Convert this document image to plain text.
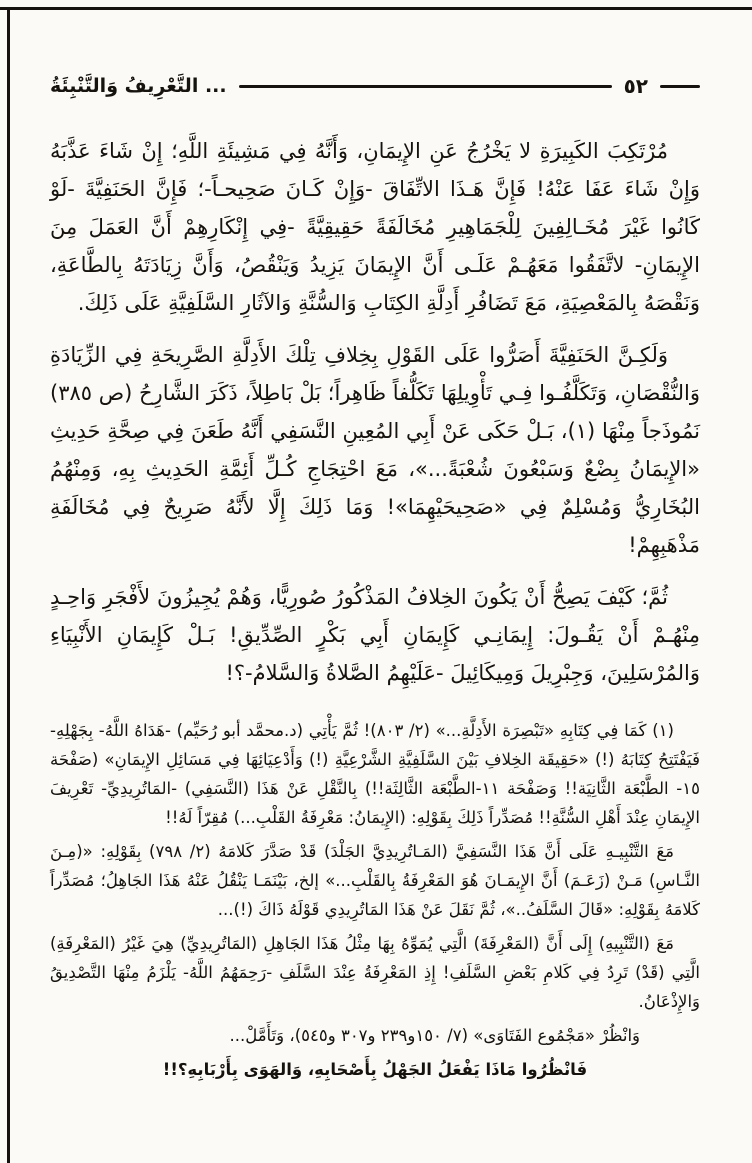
التَّعْرِيفُ وَالتَّنْبِئَةُ ...	٥٢

مُرْتَكِبَ الكَبِيرَةِ لا يَخْرُجُ عَنِ الإِيمَانِ، وَأَنَّهُ فِي مَشِيئَةِ اللَّهِ؛ إِنْ شَاءَ عَذَّبَهُ وَإِنْ شَاءَ عَفَا عَنْهُ! فَإِنَّ هَـذَا الاتِّفَاقَ -وَإِنْ كَـانَ صَحِيحـاً-؛ فَإِنَّ الحَنَفِيَّةَ -لَوْ كَانُوا غَيْرَ مُخَـالِفِينَ لِلْجَمَاهِيرِ مُخَالَفَةً حَقِيقِيَّةً -فِي إِنْكَارِهِمْ أَنَّ العَمَلَ مِنَ الإِيمَانِ- لاتَّفَقُوا مَعَهُـمْ عَلَـى أَنَّ الإِيمَانَ يَزِيدُ وَيَنْقُصُ، وَأَنَّ زِيَادَتَهُ بِالطَّاعَةِ، وَنَقْصَهُ بِالمَعْصِيَةِ، مَعَ تَضَافُرِ أَدِلَّةِ الكِتَابِ وَالسُّنَّةِ وَالآثَارِ السَّلَفِيَّةِ عَلَى ذَلِكَ.

وَلَكِـنَّ الحَنَفِيَّةَ أَصَرُّوا عَلَى القَوْلِ بِخِلافِ تِلْكَ الأَدِلَّةِ الصَّرِيحَةِ فِي الزِّيَادَةِ وَالنُّقْصَانِ، وَتَكَلَّفُـوا فِـي تَأْوِيلِهَا تَكَلُّفاً ظَاهِراً؛ بَلْ بَاطِلاً، ذَكَرَ الشَّارِحُ (ص ٣٨٥) نَمُوذَجاً مِنْهَا (١)، بَـلْ حَكَى عَنْ أَبِي المُعِينِ النَّسَفِي أَنَّهُ طَعَنَ فِي صِحَّةِ حَدِيثِ «الإِيمَانُ بِضْعٌ وَسَبْعُونَ شُعْبَةً...»، مَعَ احْتِجَاجِ كُـلِّ أَئِمَّةِ الحَدِيثِ بِهِ، وَمِنْهُمُ البُخَارِيُّ وَمُسْلِمٌ فِي «صَحِيحَيْهِمَا»! وَمَا ذَلِكَ إِلَّا لأَنَّهُ صَرِيحٌ فِي مُخَالَفَةِ مَذْهَبِهِمْ!

ثُمَّ؛ كَيْفَ يَصِحُّ أَنْ يَكُونَ الخِلافُ المَذْكُورُ صُورِيًّا، وَهُمْ يُجِيزُونَ لأَفْجَرِ وَاحِـدٍ مِنْهُـمْ أَنْ يَقُـولَ: إِيمَانِـي كَإِيمَانِ أَبِي بَكْرٍ الصِّدِّيقِ! بَـلْ كَإِيمَانِ الأَنْبِيَاءِ وَالمُرْسَلِينَ، وَجِبْرِيلَ وَمِيكَائِيلَ -عَلَيْهِمُ الصَّلاةُ وَالسَّلامُ-؟!

(١) كَمَا فِي كِتَابِهِ «تَبْصِرَة الأَدِلَّةِ...» (٢/ ٨٠٣)! ثُمَّ يَأْتِي (د.محمَّد أبو رُحَيِّم) -هَدَاهُ اللَّهُ- بِجَهْلِهِ- فَيَفْتَتِحُ كِتَابَهُ (!) «حَقِيقَة الخِلافِ بَيْنَ السَّلَفِيَّةِ الشَّرْعِيَّةِ (!) وَأَدْعِيَائِهَا فِي مَسَائِلِ الإِيمَانِ» (صَفْحَة ١٥- الطَّبْعَة الثَّانِيَة!! وَصَفْحَة ١١-الطَّبْعَة الثَّالِثَة!!) بِالنَّقْلِ عَنْ هَذَا (النَّسَفِي) -المَاتُرِيدِيِّ- تَعْرِيفَ الإِيمَانِ عِنْدَ أَهْلِ السُّنَّةِ!! مُصَدِّراً ذَلِكَ بِقَوْلِهِ: (الإِيمَانُ: مَعْرِفَةُ القَلْبِ...) مُقِرّاً لَهُ!!

مَعَ التَّنْبِيـهِ عَلَى أَنَّ هَذَا النَّسَفِيَّ (المَـاتُرِيدِيَّ الجَلْدَ) قَدْ صَدَّرَ كَلامَهُ (٢/ ٧٩٨) بِقَوْلِهِ: «(مِـنَ النَّـاسِ) مَـنْ (زَعَـمَ) أَنَّ الإِيمَـانَ هُوَ المَعْرِفَةُ بِالقَلْبِ...» إلخ، بَيْنَمَـا يَنْقُلُ عَنْهُ هَذَا الجَاهِلُ؛ مُصَدِّراً كَلامَهُ بِقَوْلِهِ: «قَالَ السَّلَفُ..»، ثُمَّ نَقَلَ عَنْ هَذَا المَاتُرِيدِي قَوْلَهُ ذَاكَ (!)...

مَعَ (التَّنْبِيهِ) إِلَى أَنَّ (المَعْرِفَةَ) الَّتِي يُمَوِّهُ بِهَا مِثْلُ هَذَا الجَاهِلِ (المَاتُرِيدِيِّ) هِيَ غَيْرُ (المَعْرِفَةِ) الَّتِي (قَدْ) تَرِدُ فِي كَلامِ بَعْضِ السَّلَفِ! إِذِ المَعْرِفَةُ عِنْدَ السَّلَفِ -رَحِمَهُمُ اللَّهُ- يَلْزَمُ مِنْهَا التَّصْدِيقُ وَالإِذْعَانُ.

وَانْظُرْ «مَجْمُوع الفَتَاوَى» (٧/ ١٥٠و٢٣٩ و٣٠٧ و٥٤٥)، وَتَأَمَّلْ...

فَانْظُرُوا مَاذَا يَفْعَلُ الجَهْلُ بِأَصْحَابِهِ، وَالهَوَى بِأَرْبَابِهِ؟!!
